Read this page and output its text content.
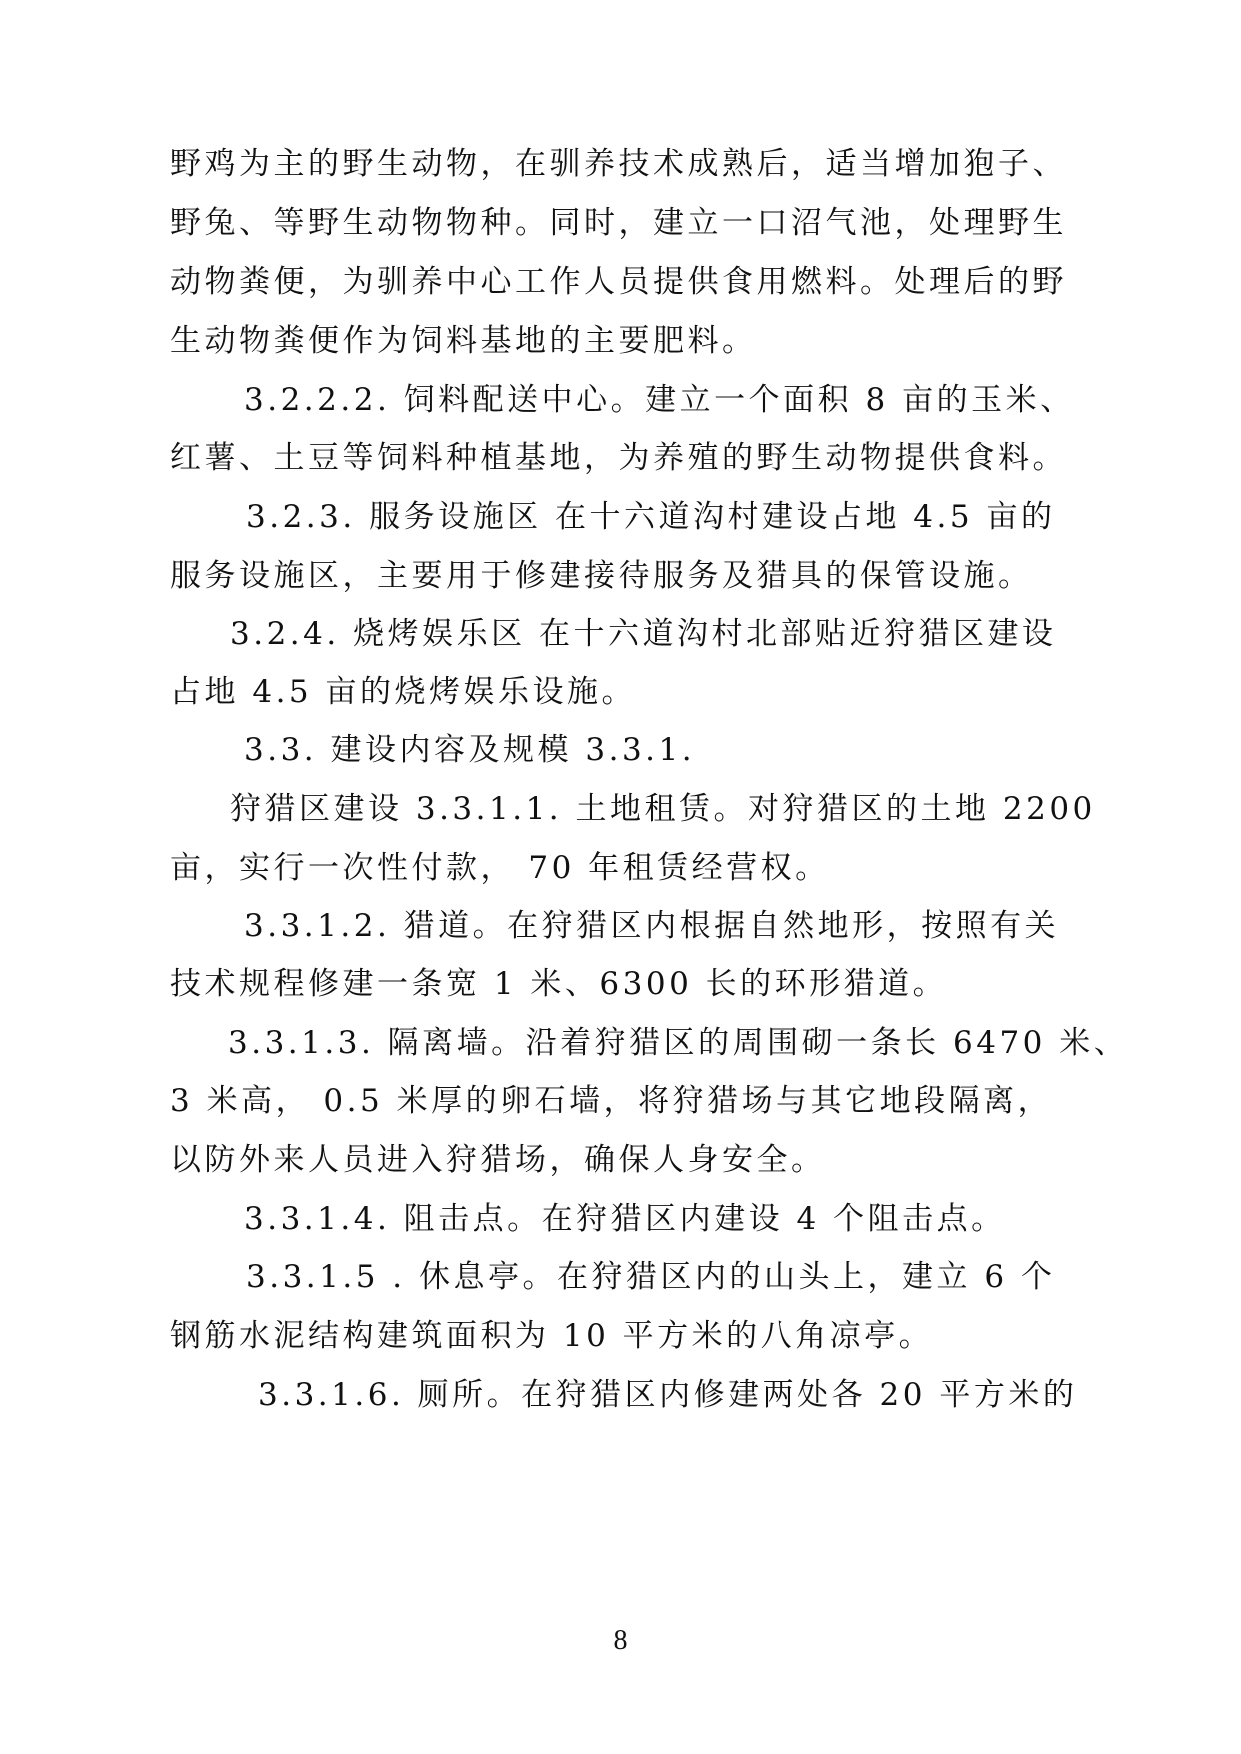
野鸡为主的野生动物，在驯养技术成熟后，适当增加狍子、
野兔、等野生动物物种。同时，建立一口沼气池，处理野生
动物粪便，为驯养中心工作人员提供食用燃料。处理后的野
生动物粪便作为饲料基地的主要肥料。
3.2.2.2. 饲料配送中心。建立一个面积 8 亩的玉米、
红薯、土豆等饲料种植基地，为养殖的野生动物提供食料。
3.2.3. 服务设施区 在十六道沟村建设占地 4.5 亩的
服务设施区，主要用于修建接待服务及猎具的保管设施。
3.2.4. 烧烤娱乐区 在十六道沟村北部贴近狩猎区建设
占地 4.5 亩的烧烤娱乐设施。
3.3. 建设内容及规模 3.3.1.
狩猎区建设 3.3.1.1. 土地租赁。对狩猎区的土地 2200
亩，实行一次性付款， 70 年租赁经营权。
3.3.1.2. 猎道。在狩猎区内根据自然地形，按照有关
技术规程修建一条宽 1 米、6300 长的环形猎道。
3.3.1.3. 隔离墙。沿着狩猎区的周围砌一条长 6470 米、
3 米高， 0.5 米厚的卵石墙，将狩猎场与其它地段隔离，
以防外来人员进入狩猎场，确保人身安全。
3.3.1.4. 阻击点。在狩猎区内建设 4 个阻击点。
3.3.1.5 . 休息亭。在狩猎区内的山头上，建立 6 个
钢筋水泥结构建筑面积为 10 平方米的八角凉亭。
3.3.1.6. 厕所。在狩猎区内修建两处各 20 平方米的
8
